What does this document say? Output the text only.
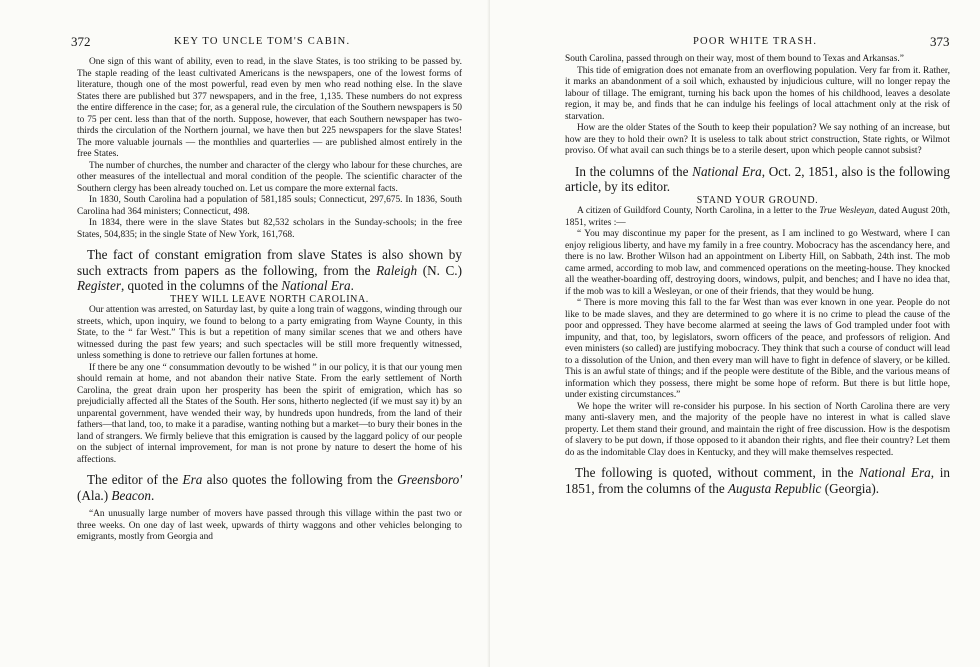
372	KEY TO UNCLE TOM'S CABIN.

One sign of this want of ability, even to read, in the slave States, is too striking to be passed by. The staple reading of the least cultivated Americans is the newspapers, one of the lowest forms of literature, though one of the most powerful, read even by men who read nothing else. In the slave States there are published but 377 newspapers, and in the free, 1,135. These numbers do not express the entire difference in the case; for, as a general rule, the circulation of the Southern newspapers is 50 to 75 per cent. less than that of the north. Suppose, however, that each Southern newspaper has two-thirds the circulation of the Northern journal, we have then but 225 newspapers for the slave States! The more valuable journals — the monthlies and quarterlies — are published almost entirely in the free States.

The number of churches, the number and character of the clergy who labour for these churches, are other measures of the intellectual and moral condition of the people. The scientific character of the Southern clergy has been already touched on. Let us compare the more external facts.

In 1830, South Carolina had a population of 581,185 souls; Connecticut, 297,675. In 1836, South Carolina had 364 ministers; Connecticut, 498.

In 1834, there were in the slave States but 82,532 scholars in the Sunday-schools; in the free States, 504,835; in the single State of New York, 161,768.

The fact of constant emigration from slave States is also shown by such extracts from papers as the following, from the Raleigh (N. C.) Register, quoted in the columns of the National Era.

THEY WILL LEAVE NORTH CAROLINA.

Our attention was arrested, on Saturday last, by quite a long train of waggons, winding through our streets, which, upon inquiry, we found to belong to a party emigrating from Wayne County, in this State, to the “ far West.” This is but a repetition of many similar scenes that we and others have witnessed during the past few years; and such spectacles will be still more frequently witnessed, unless something is done to retrieve our fallen fortunes at home.

If there be any one “ consummation devoutly to be wished ” in our policy, it is that our young men should remain at home, and not abandon their native State. From the early settlement of North Carolina, the great drain upon her prosperity has been the spirit of emigration, which has so prejudicially affected all the States of the South. Her sons, hitherto neglected (if we must say it) by an unparental government, have wended their way, by hundreds upon hundreds, from the land of their fathers—that land, too, to make it a paradise, wanting nothing but a market—to bury their bones in the land of strangers. We firmly believe that this emigration is caused by the laggard policy of our people on the subject of internal improvement, for man is not prone by nature to desert the home of his affections.

The editor of the Era also quotes the following from the Greensboro' (Ala.) Beacon.

“An unusually large number of movers have passed through this village within the past two or three weeks. On one day of last week, upwards of thirty waggons and other vehicles belonging to emigrants, mostly from Georgia and

POOR WHITE TRASH.	373

South Carolina, passed through on their way, most of them bound to Texas and Arkansas.”

This tide of emigration does not emanate from an overflowing population. Very far from it. Rather, it marks an abandonment of a soil which, exhausted by injudicious culture, will no longer repay the labour of tillage. The emigrant, turning his back upon the homes of his childhood, leaves a desolate region, it may be, and finds that he can indulge his feelings of local attachment only at the risk of starvation.

How are the older States of the South to keep their population? We say nothing of an increase, but how are they to hold their own? It is useless to talk about strict construction, State rights, or Wilmot proviso. Of what avail can such things be to a sterile desert, upon which people cannot subsist?

In the columns of the National Era, Oct. 2, 1851, also is the following article, by its editor.

STAND YOUR GROUND.

A citizen of Guildford County, North Carolina, in a letter to the True Wesleyan, dated August 20th, 1851, writes :—

“ You may discontinue my paper for the present, as I am inclined to go Westward, where I can enjoy religious liberty, and have my family in a free country. Mobocracy has the ascendancy here, and there is no law. Brother Wilson had an appointment on Liberty Hill, on Sabbath, 24th inst. The mob came armed, according to mob law, and commenced operations on the meeting-house. They knocked all the weather-boarding off, destroying doors, windows, pulpit, and benches; and I have no idea that, if the mob was to kill a Wesleyan, or one of their friends, that they would be hung.

“ There is more moving this fall to the far West than was ever known in one year. People do not like to be made slaves, and they are determined to go where it is no crime to plead the cause of the poor and oppressed. They have become alarmed at seeing the laws of God trampled under foot with impunity, and that, too, by legislators, sworn officers of the peace, and professors of religion. And even ministers (so called) are justifying mobocracy. They think that such a course of conduct will lead to a dissolution of the Union, and then every man will have to fight in defence of slavery, or be killed. This is an awful state of things; and if the people were destitute of the Bible, and the various means of information which they possess, there might be some hope of reform. But there is but little hope, under existing circumstances.”

We hope the writer will re-consider his purpose. In his section of North Carolina there are very many anti-slavery men, and the majority of the people have no interest in what is called slave property. Let them stand their ground, and maintain the right of free discussion. How is the despotism of slavery to be put down, if those opposed to it abandon their rights, and flee their country? Let them do as the indomitable Clay does in Kentucky, and they will make themselves respected.

The following is quoted, without comment, in the National Era, in 1851, from the columns of the Augusta Republic (Georgia).
